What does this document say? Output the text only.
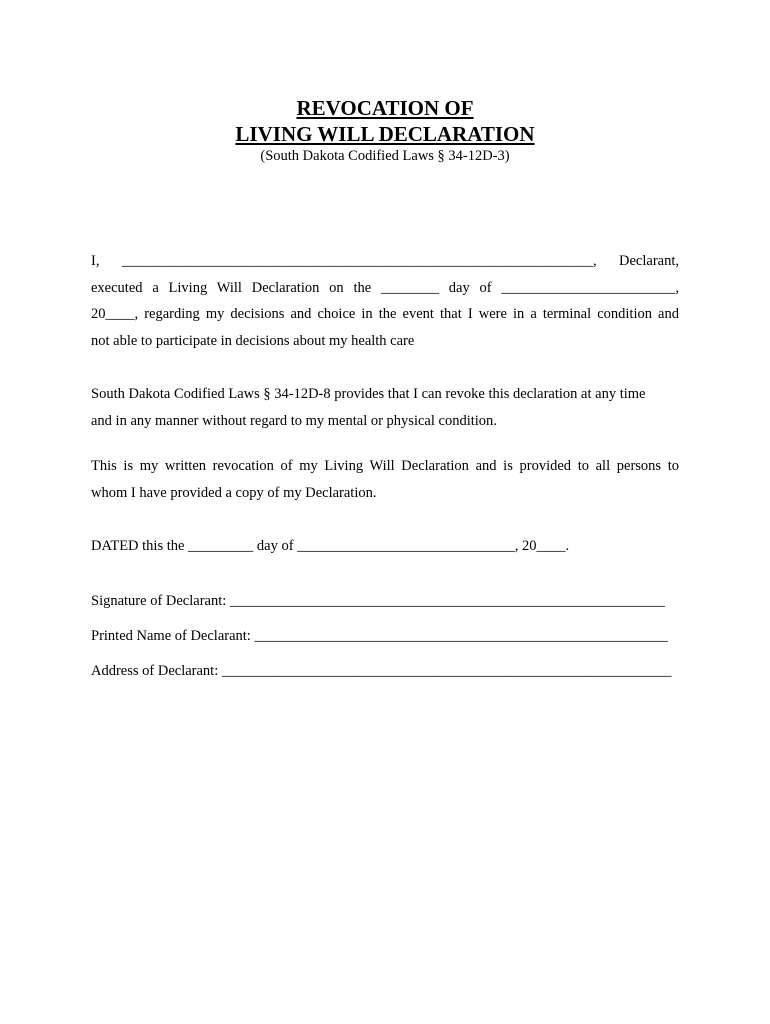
REVOCATION OF
LIVING WILL DECLARATION
(South Dakota Codified Laws § 34-12D-3)
I, _________________________________________________________________, Declarant,
executed a Living Will Declaration on the ________ day of ________________________,
20____, regarding my decisions and choice in the event that I were in a terminal condition and
not able to participate in decisions about my health care
South Dakota Codified Laws § 34-12D-8 provides that I can revoke this declaration at any time
and in any manner without regard to my mental or physical condition.
This is my written revocation of my Living Will Declaration and is provided to all persons to
whom I have provided a copy of my Declaration.
DATED this the _________ day of ______________________________, 20____.
Signature of Declarant: ____________________________________________________________
Printed Name of Declarant: _________________________________________________________
Address of Declarant: ______________________________________________________________
